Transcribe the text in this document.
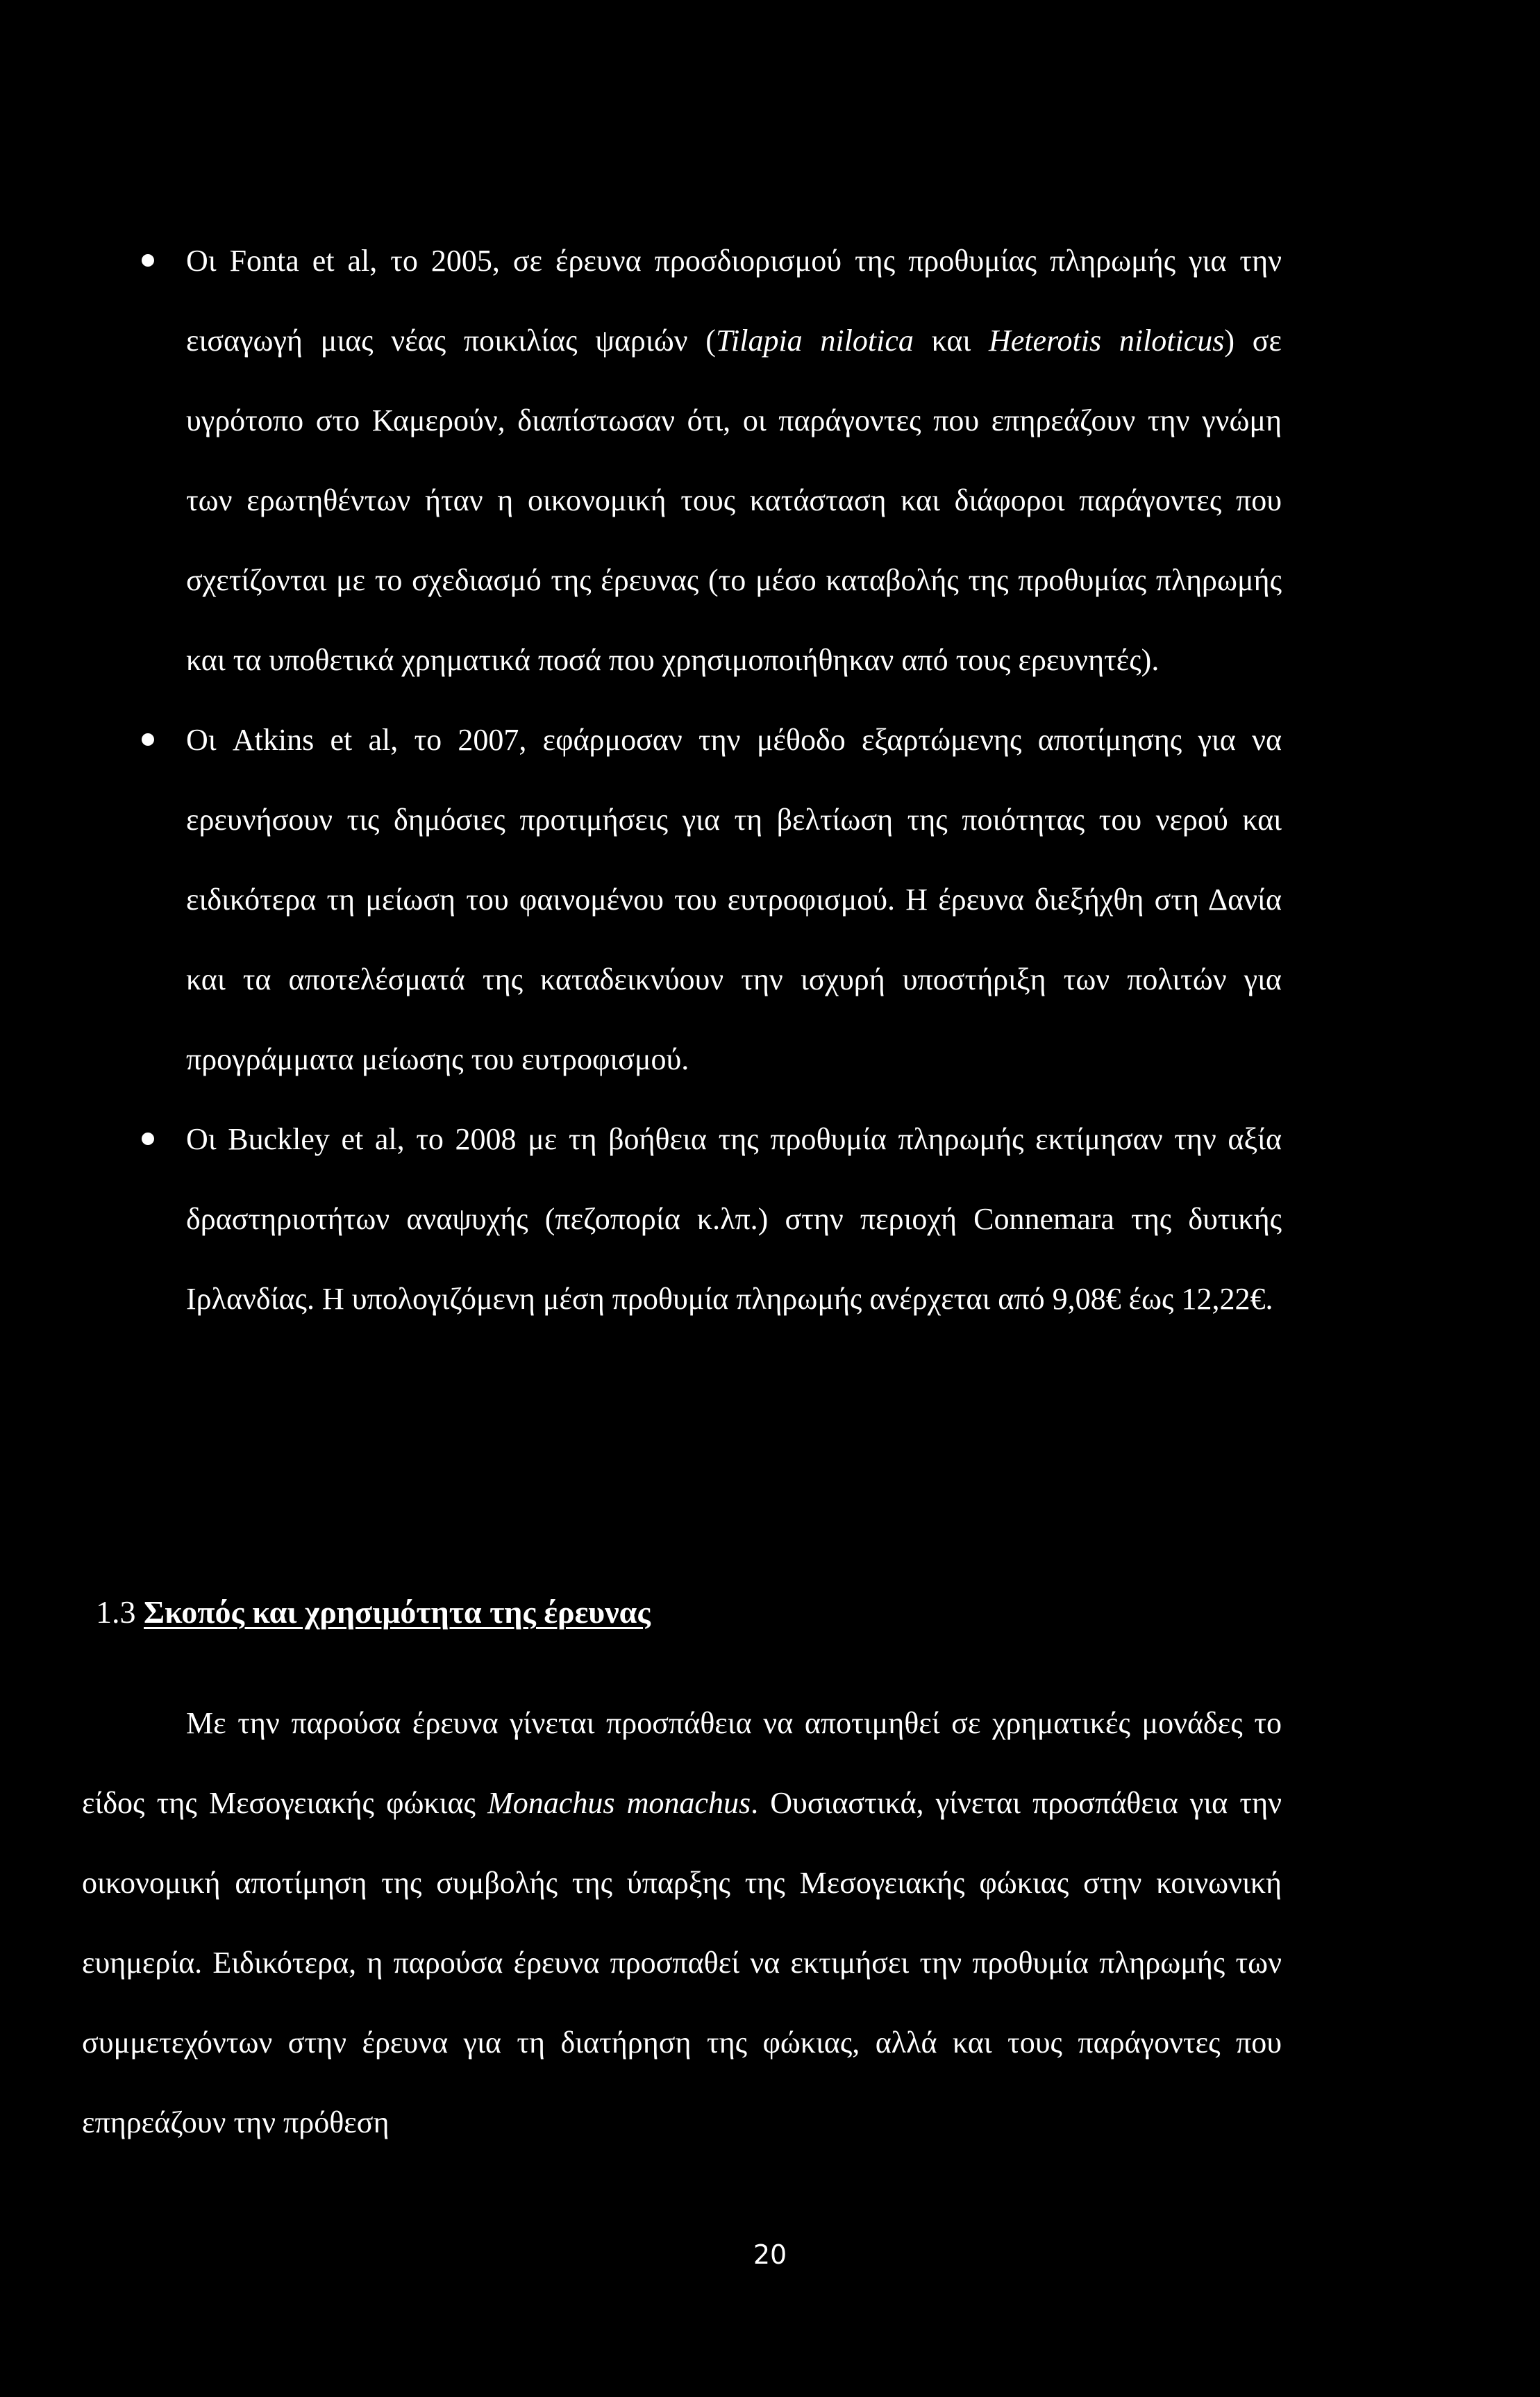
Οι Fonta et al, το 2005, σε έρευνα προσδιορισμού της προθυμίας πληρωμής για την εισαγωγή μιας νέας ποικιλίας ψαριών (Tilapia nilotica και Heterotis niloticus) σε υγρότοπο στο Καμερούν, διαπίστωσαν ότι, οι παράγοντες που επηρεάζουν την γνώμη των ερωτηθέντων ήταν η οικονομική τους κατάσταση και διάφοροι παράγοντες που σχετίζονται με το σχεδιασμό της έρευνας (το μέσο καταβολής της προθυμίας πληρωμής και τα υποθετικά χρηματικά ποσά που χρησιμοποιήθηκαν από τους ερευνητές).
Οι Atkins et al, το 2007, εφάρμοσαν την μέθοδο εξαρτώμενης αποτίμησης για να ερευνήσουν τις δημόσιες προτιμήσεις για τη βελτίωση της ποιότητας του νερού και ειδικότερα τη μείωση του φαινομένου του ευτροφισμού. Η έρευνα διεξήχθη στη Δανία και τα αποτελέσματά της καταδεικνύουν την ισχυρή υποστήριξη των πολιτών για προγράμματα μείωσης του ευτροφισμού.
Οι Buckley et al, το 2008 με τη βοήθεια της προθυμία πληρωμής εκτίμησαν την αξία δραστηριοτήτων αναψυχής (πεζοπορία κ.λπ.) στην περιοχή Connemara της δυτικής Ιρλανδίας. Η υπολογιζόμενη μέση προθυμία πληρωμής ανέρχεται από 9,08€ έως 12,22€.
1.3 Σκοπός και χρησιμότητα της έρευνας

Με την παρούσα έρευνα γίνεται προσπάθεια να αποτιμηθεί σε χρηματικές μονάδες το είδος της Μεσογειακής φώκιας Monachus monachus. Ουσιαστικά, γίνεται προσπάθεια για την οικονομική αποτίμηση της συμβολής της ύπαρξης της Μεσογειακής φώκιας στην κοινωνική ευημερία. Ειδικότερα, η παρούσα έρευνα προσπαθεί να εκτιμήσει την προθυμία πληρωμής των συμμετεχόντων στην έρευνα για τη διατήρηση της φώκιας, αλλά και τους παράγοντες που επηρεάζουν την πρόθεση

20
